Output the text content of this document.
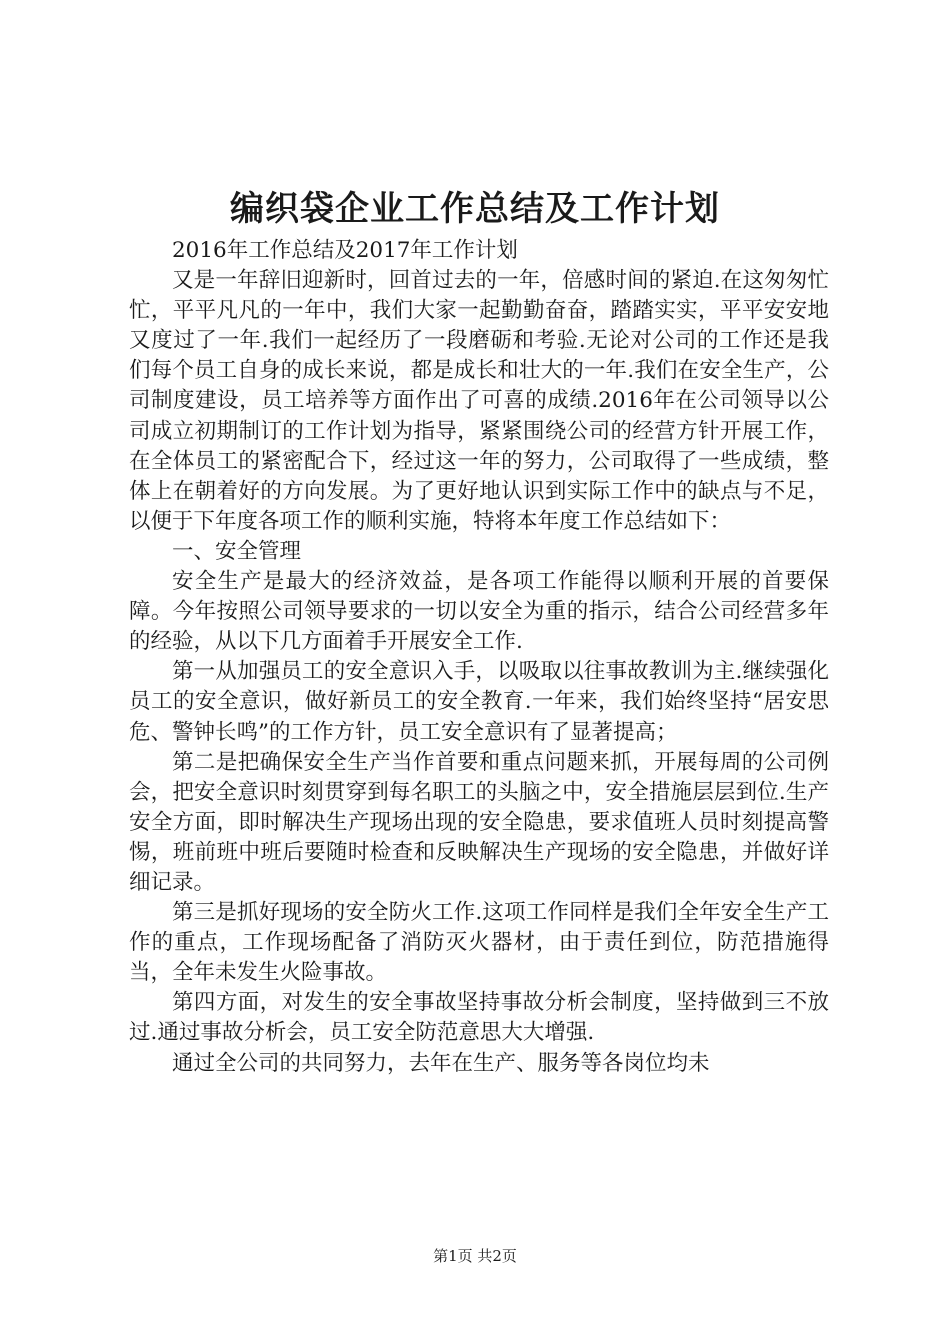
编织袋企业工作总结及工作计划

2016年工作总结及2017年工作计划

又是一年辞旧迎新时，回首过去的一年，倍感时间的紧迫.在这匆匆忙忙，平平凡凡的一年中，我们大家一起勤勤奋奋，踏踏实实，平平安安地又度过了一年.我们一起经历了一段磨砺和考验.无论对公司的工作还是我们每个员工自身的成长来说，都是成长和壮大的一年.我们在安全生产，公司制度建设，员工培养等方面作出了可喜的成绩.2016年在公司领导以公司成立初期制订的工作计划为指导，紧紧围绕公司的经营方针开展工作，在全体员工的紧密配合下，经过这一年的努力，公司取得了一些成绩，整体上在朝着好的方向发展。为了更好地认识到实际工作中的缺点与不足，以便于下年度各项工作的顺利实施，特将本年度工作总结如下：

一、安全管理

安全生产是最大的经济效益，是各项工作能得以顺利开展的首要保障。今年按照公司领导要求的一切以安全为重的指示，结合公司经营多年的经验，从以下几方面着手开展安全工作.

第一从加强员工的安全意识入手，以吸取以往事故教训为主.继续强化员工的安全意识，做好新员工的安全教育.一年来，我们始终坚持“居安思危、警钟长鸣”的工作方针，员工安全意识有了显著提高；

第二是把确保安全生产当作首要和重点问题来抓，开展每周的公司例会，把安全意识时刻贯穿到每名职工的头脑之中，安全措施层层到位.生产安全方面，即时解决生产现场出现的安全隐患，要求值班人员时刻提高警惕，班前班中班后要随时检查和反映解决生产现场的安全隐患，并做好详细记录。

第三是抓好现场的安全防火工作.这项工作同样是我们全年安全生产工作的重点，工作现场配备了消防灭火器材，由于责任到位，防范措施得当，全年未发生火险事故。

第四方面，对发生的安全事故坚持事故分析会制度，坚持做到三不放过.通过事故分析会，员工安全防范意思大大增强.

通过全公司的共同努力，去年在生产、服务等各岗位均未

第1页 共2页
